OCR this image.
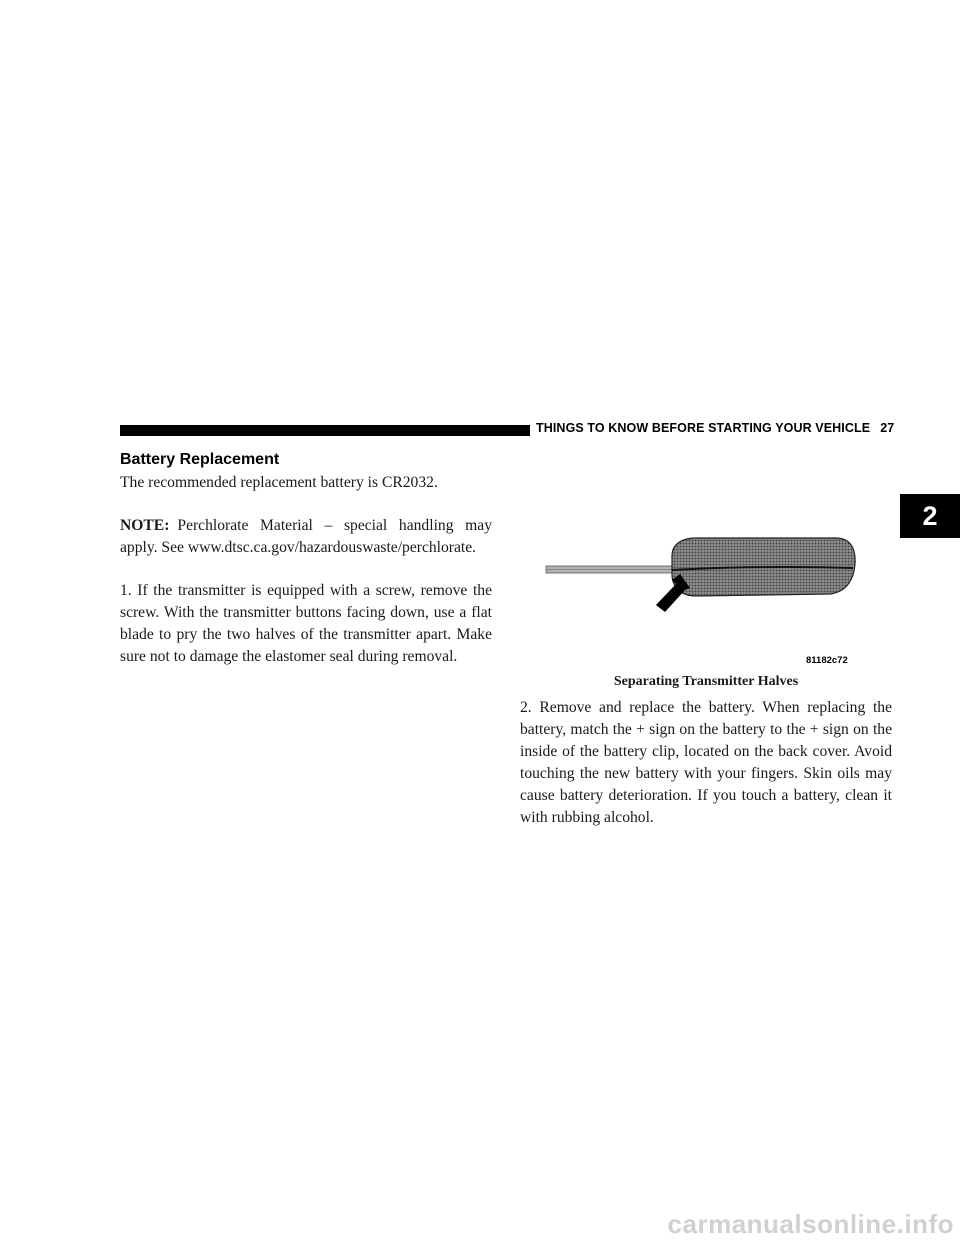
THINGS TO KNOW BEFORE STARTING YOUR VEHICLE 27
2
Battery Replacement

The recommended replacement battery is CR2032.

NOTE: Perchlorate Material – special handling may apply. See www.dtsc.ca.gov/hazardouswaste/perchlorate.

1. If the transmitter is equipped with a screw, remove the screw. With the transmitter buttons facing down, use a flat blade to pry the two halves of the transmitter apart. Make sure not to damage the elastomer seal during removal.	81182c72
Separating Transmitter Halves

2. Remove and replace the battery. When replacing the battery, match the + sign on the battery to the + sign on the inside of the battery clip, located on the back cover. Avoid touching the new battery with your fingers. Skin oils may cause battery deterioration. If you touch a battery, clean it with rubbing alcohol.

carmanualsonline.info
